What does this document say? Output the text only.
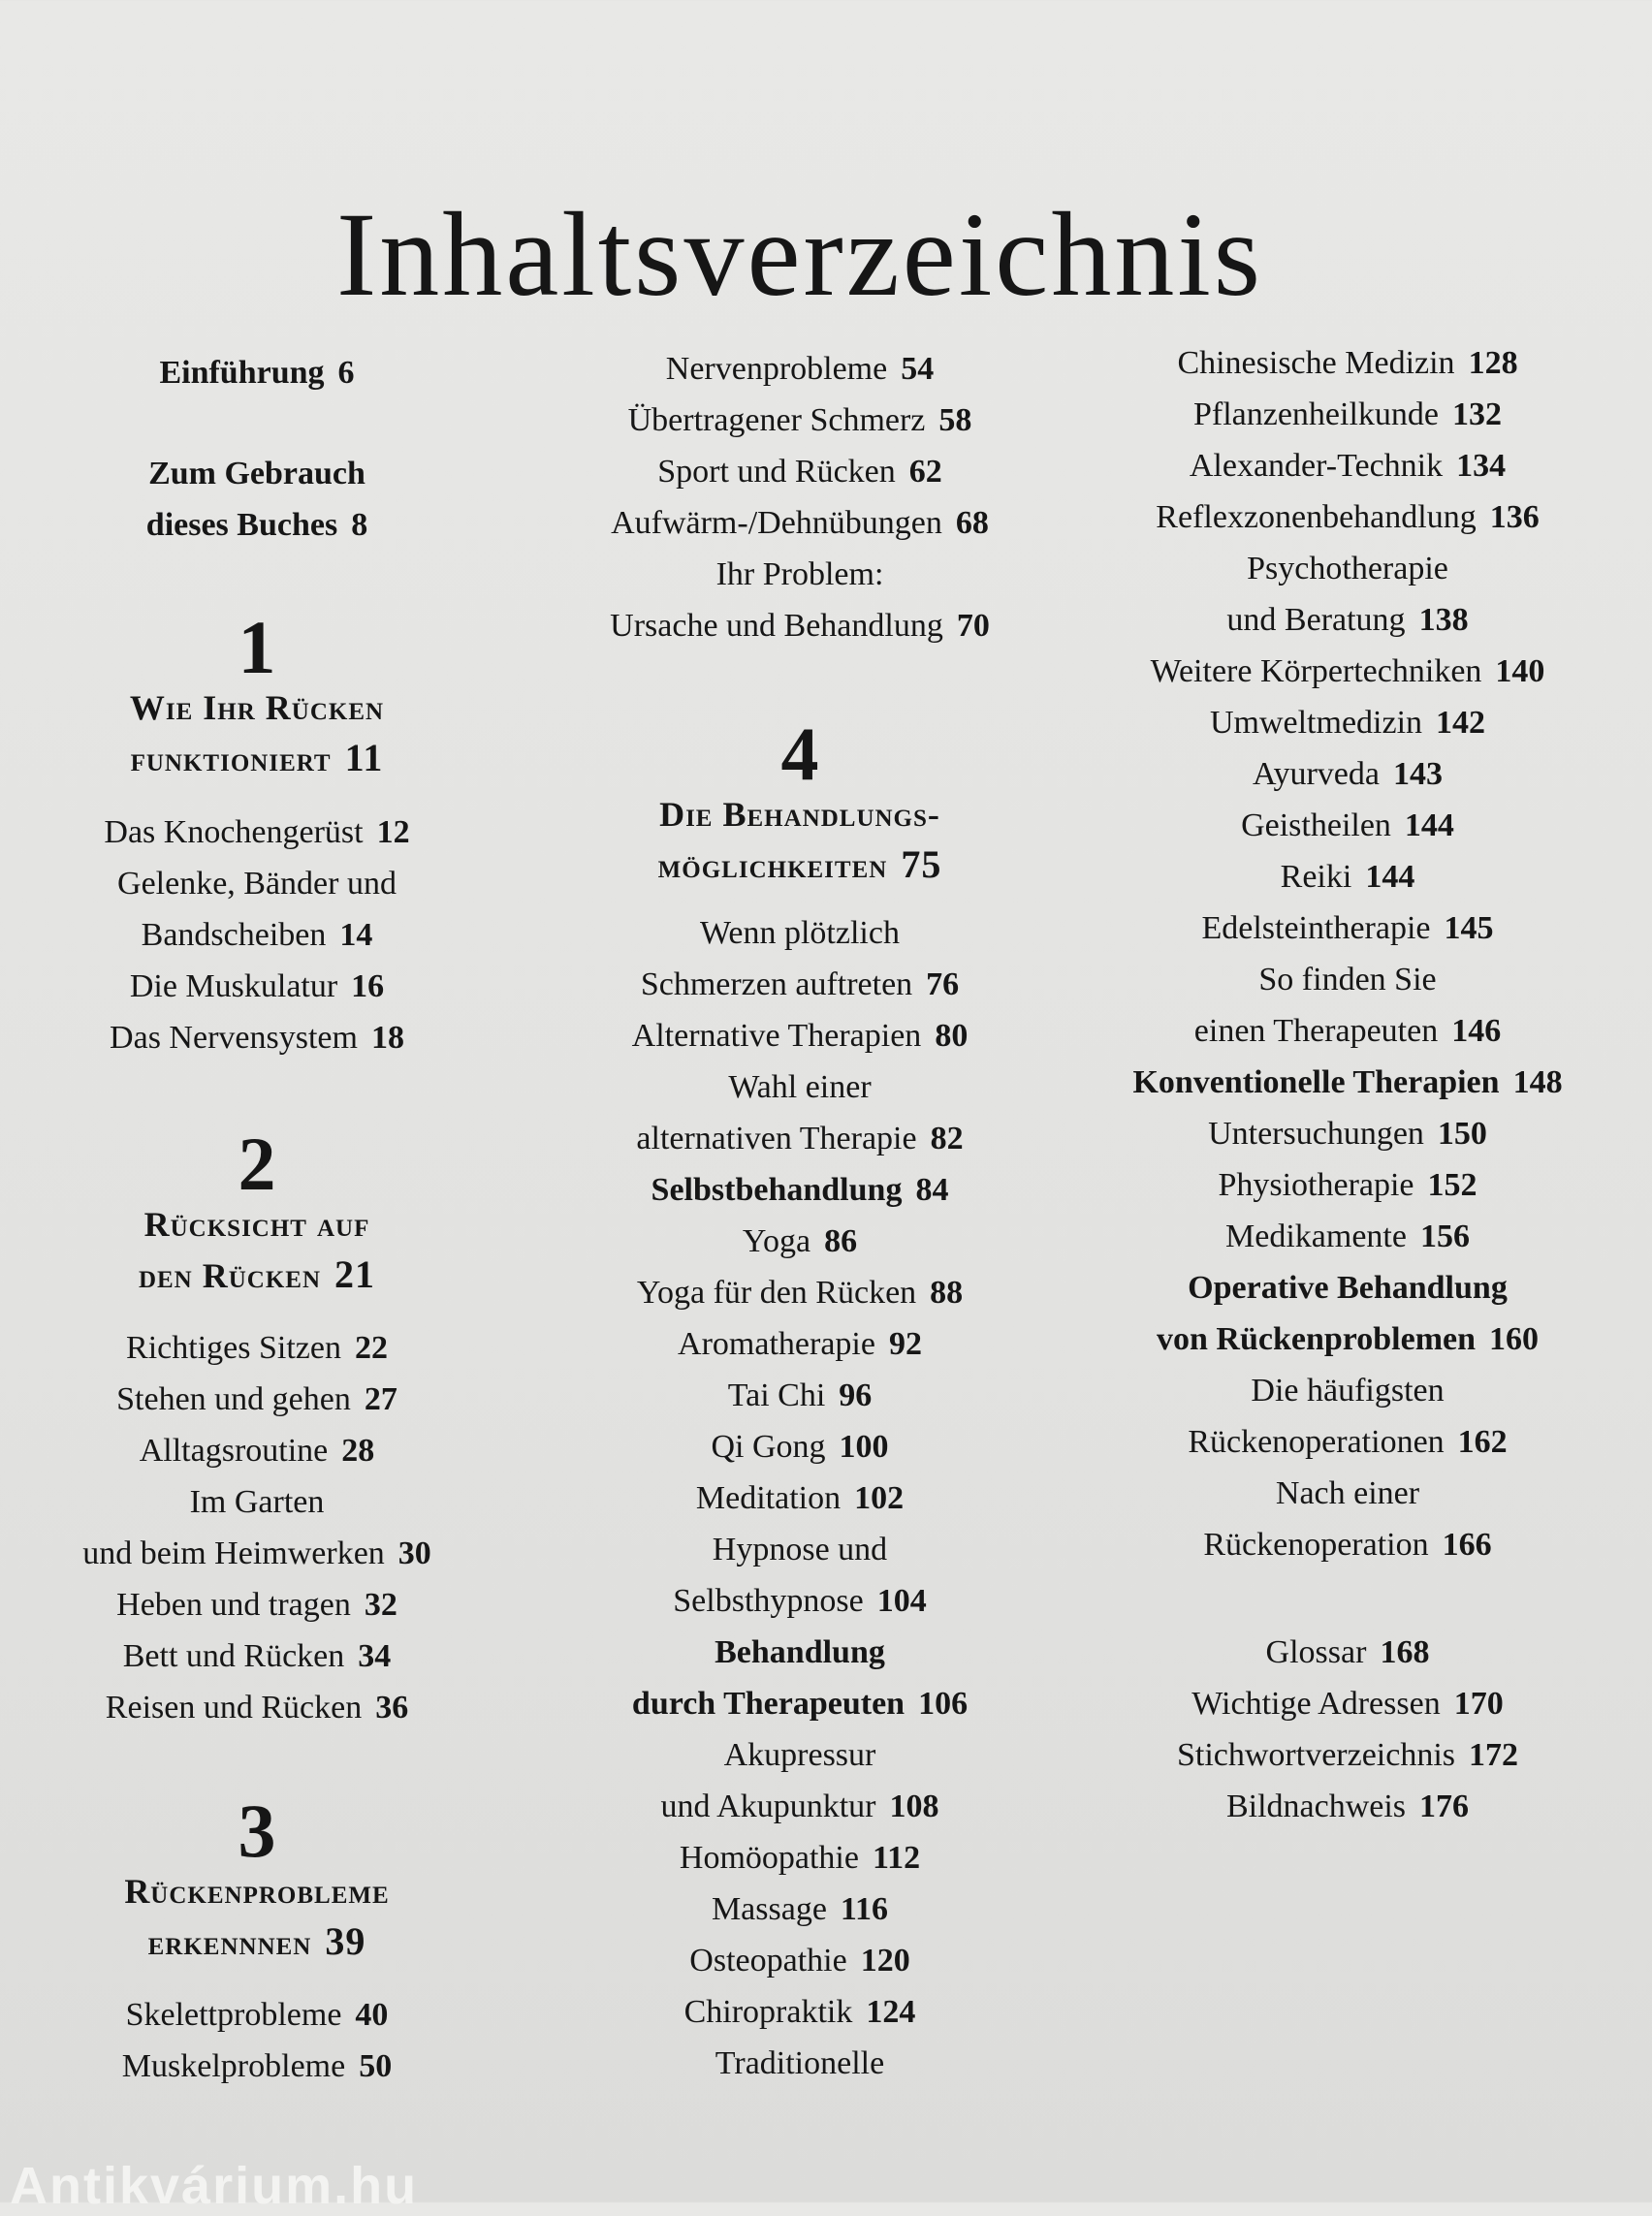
Inhaltsverzeichnis
Einführung 6
Zum Gebrauch
dieses Buches 8
1
Wie Ihr Rücken
funktioniert 11
Das Knochengerüst 12
Gelenke, Bänder und
Bandscheiben 14
Die Muskulatur 16
Das Nervensystem 18
2
Rücksicht auf
den Rücken 21
Richtiges Sitzen 22
Stehen und gehen 27
Alltagsroutine 28
Im Garten
und beim Heimwerken 30
Heben und tragen 32
Bett und Rücken 34
Reisen und Rücken 36
3
Rückenprobleme
erkennnen 39
Skelettprobleme 40
Muskelprobleme 50
Nervenprobleme 54
Übertragener Schmerz 58
Sport und Rücken 62
Aufwärm-/Dehnübungen 68
Ihr Problem:
Ursache und Behandlung 70
4
Die Behandlungs-
möglichkeiten 75
Wenn plötzlich
Schmerzen auftreten 76
Alternative Therapien 80
Wahl einer
alternativen Therapie 82
Selbstbehandlung 84
Yoga 86
Yoga für den Rücken 88
Aromatherapie 92
Tai Chi 96
Qi Gong 100
Meditation 102
Hypnose und
Selbsthypnose 104
Behandlung
durch Therapeuten 106
Akupressur
und Akupunktur 108
Homöopathie 112
Massage 116
Osteopathie 120
Chiropraktik 124
Traditionelle
Chinesische Medizin 128
Pflanzenheilkunde 132
Alexander-Technik 134
Reflexzonenbehandlung 136
Psychotherapie
und Beratung 138
Weitere Körpertechniken 140
Umweltmedizin 142
Ayurveda 143
Geistheilen 144
Reiki 144
Edelsteintherapie 145
So finden Sie
einen Therapeuten 146
Konventionelle Therapien 148
Untersuchungen 150
Physiotherapie 152
Medikamente 156
Operative Behandlung
von Rückenproblemen 160
Die häufigsten
Rückenoperationen 162
Nach einer
Rückenoperation 166
Glossar 168
Wichtige Adressen 170
Stichwortverzeichnis 172
Bildnachweis 176
Antikvárium.hu
